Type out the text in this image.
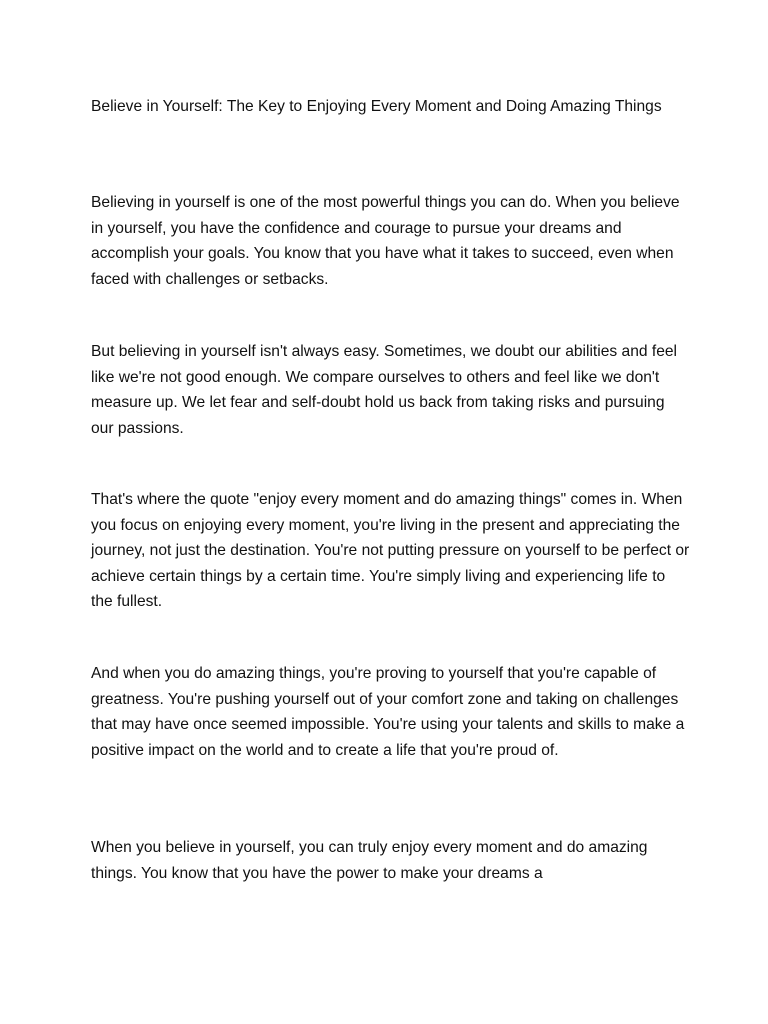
Believe in Yourself: The Key to Enjoying Every Moment and Doing Amazing Things

Believing in yourself is one of the most powerful things you can do. When you believe in yourself, you have the confidence and courage to pursue your dreams and accomplish your goals. You know that you have what it takes to succeed, even when faced with challenges or setbacks.

But believing in yourself isn't always easy. Sometimes, we doubt our abilities and feel like we're not good enough. We compare ourselves to others and feel like we don't measure up. We let fear and self-doubt hold us back from taking risks and pursuing our passions.

That's where the quote "enjoy every moment and do amazing things" comes in. When you focus on enjoying every moment, you're living in the present and appreciating the journey, not just the destination. You're not putting pressure on yourself to be perfect or achieve certain things by a certain time. You're simply living and experiencing life to the fullest.

And when you do amazing things, you're proving to yourself that you're capable of greatness. You're pushing yourself out of your comfort zone and taking on challenges that may have once seemed impossible. You're using your talents and skills to make a positive impact on the world and to create a life that you're proud of.

When you believe in yourself, you can truly enjoy every moment and do amazing things. You know that you have the power to make your dreams a
